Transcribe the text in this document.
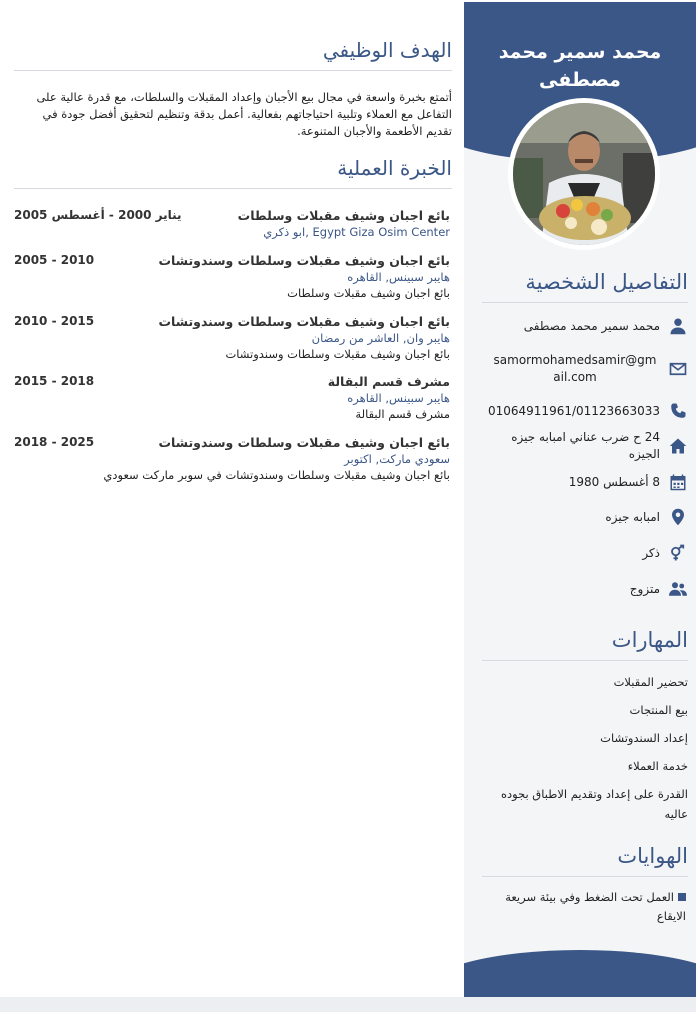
محمد سمير محمد مصطفى
التفاصيل الشخصية
محمد سمير محمد مصطفى
samormohamedsamir@gmail.com
01064911961/01123663033
24 ح ضرب عناني امبابه جيزه الجيزه
8 أغسطس 1980
امبابه جيزه
ذكر
متزوج
المهارات
تحضير المقبلات
بيع المنتجات
إعداد السندوتشات
خدمة العملاء
القدرة على إعداد وتقديم الاطباق بجوده عاليه
الهوايات
العمل تحت الضغط وفي بيئة سريعة الايقاع
الهدف الوظيفي
أتمتع بخبرة واسعة في مجال بيع الأجبان وإعداد المقبلات والسلطات، مع قدرة عالية على التفاعل مع العملاء وتلبية احتياجاتهم بفعالية. أعمل بدقة وتنظيم لتحقيق أفضل جودة في تقديم الأطعمة والأجبان المتنوعة.
الخبرة العملية
بائع اجبان وشيف مقبلات وسلطات
يناير 2000 - أغسطس 2005
Egypt Giza Osim Center ,ابو ذكري
بائع اجبان وشيف مقبلات وسلطات وسندوتشات
2005 - 2010
هايبر سبينس, القاهره
بائع اجبان وشيف مقبلات وسلطات
بائع اجبان وشيف مقبلات وسلطات وسندوتشات
2010 - 2015
هايبر وان, العاشر من رمضان
بائع اجبان وشيف مقبلات وسلطات وسندوتشات
مشرف قسم البقالة
2015 - 2018
هايبر سبينس, القاهره
مشرف قسم البقالة
بائع اجبان وشيف مقبلات وسلطات وسندوتشات
2018 - 2025
سعودي ماركت, اكتوبر
بائع اجبان وشيف مقبلات وسلطات وسندوتشات في سوبر ماركت سعودي
